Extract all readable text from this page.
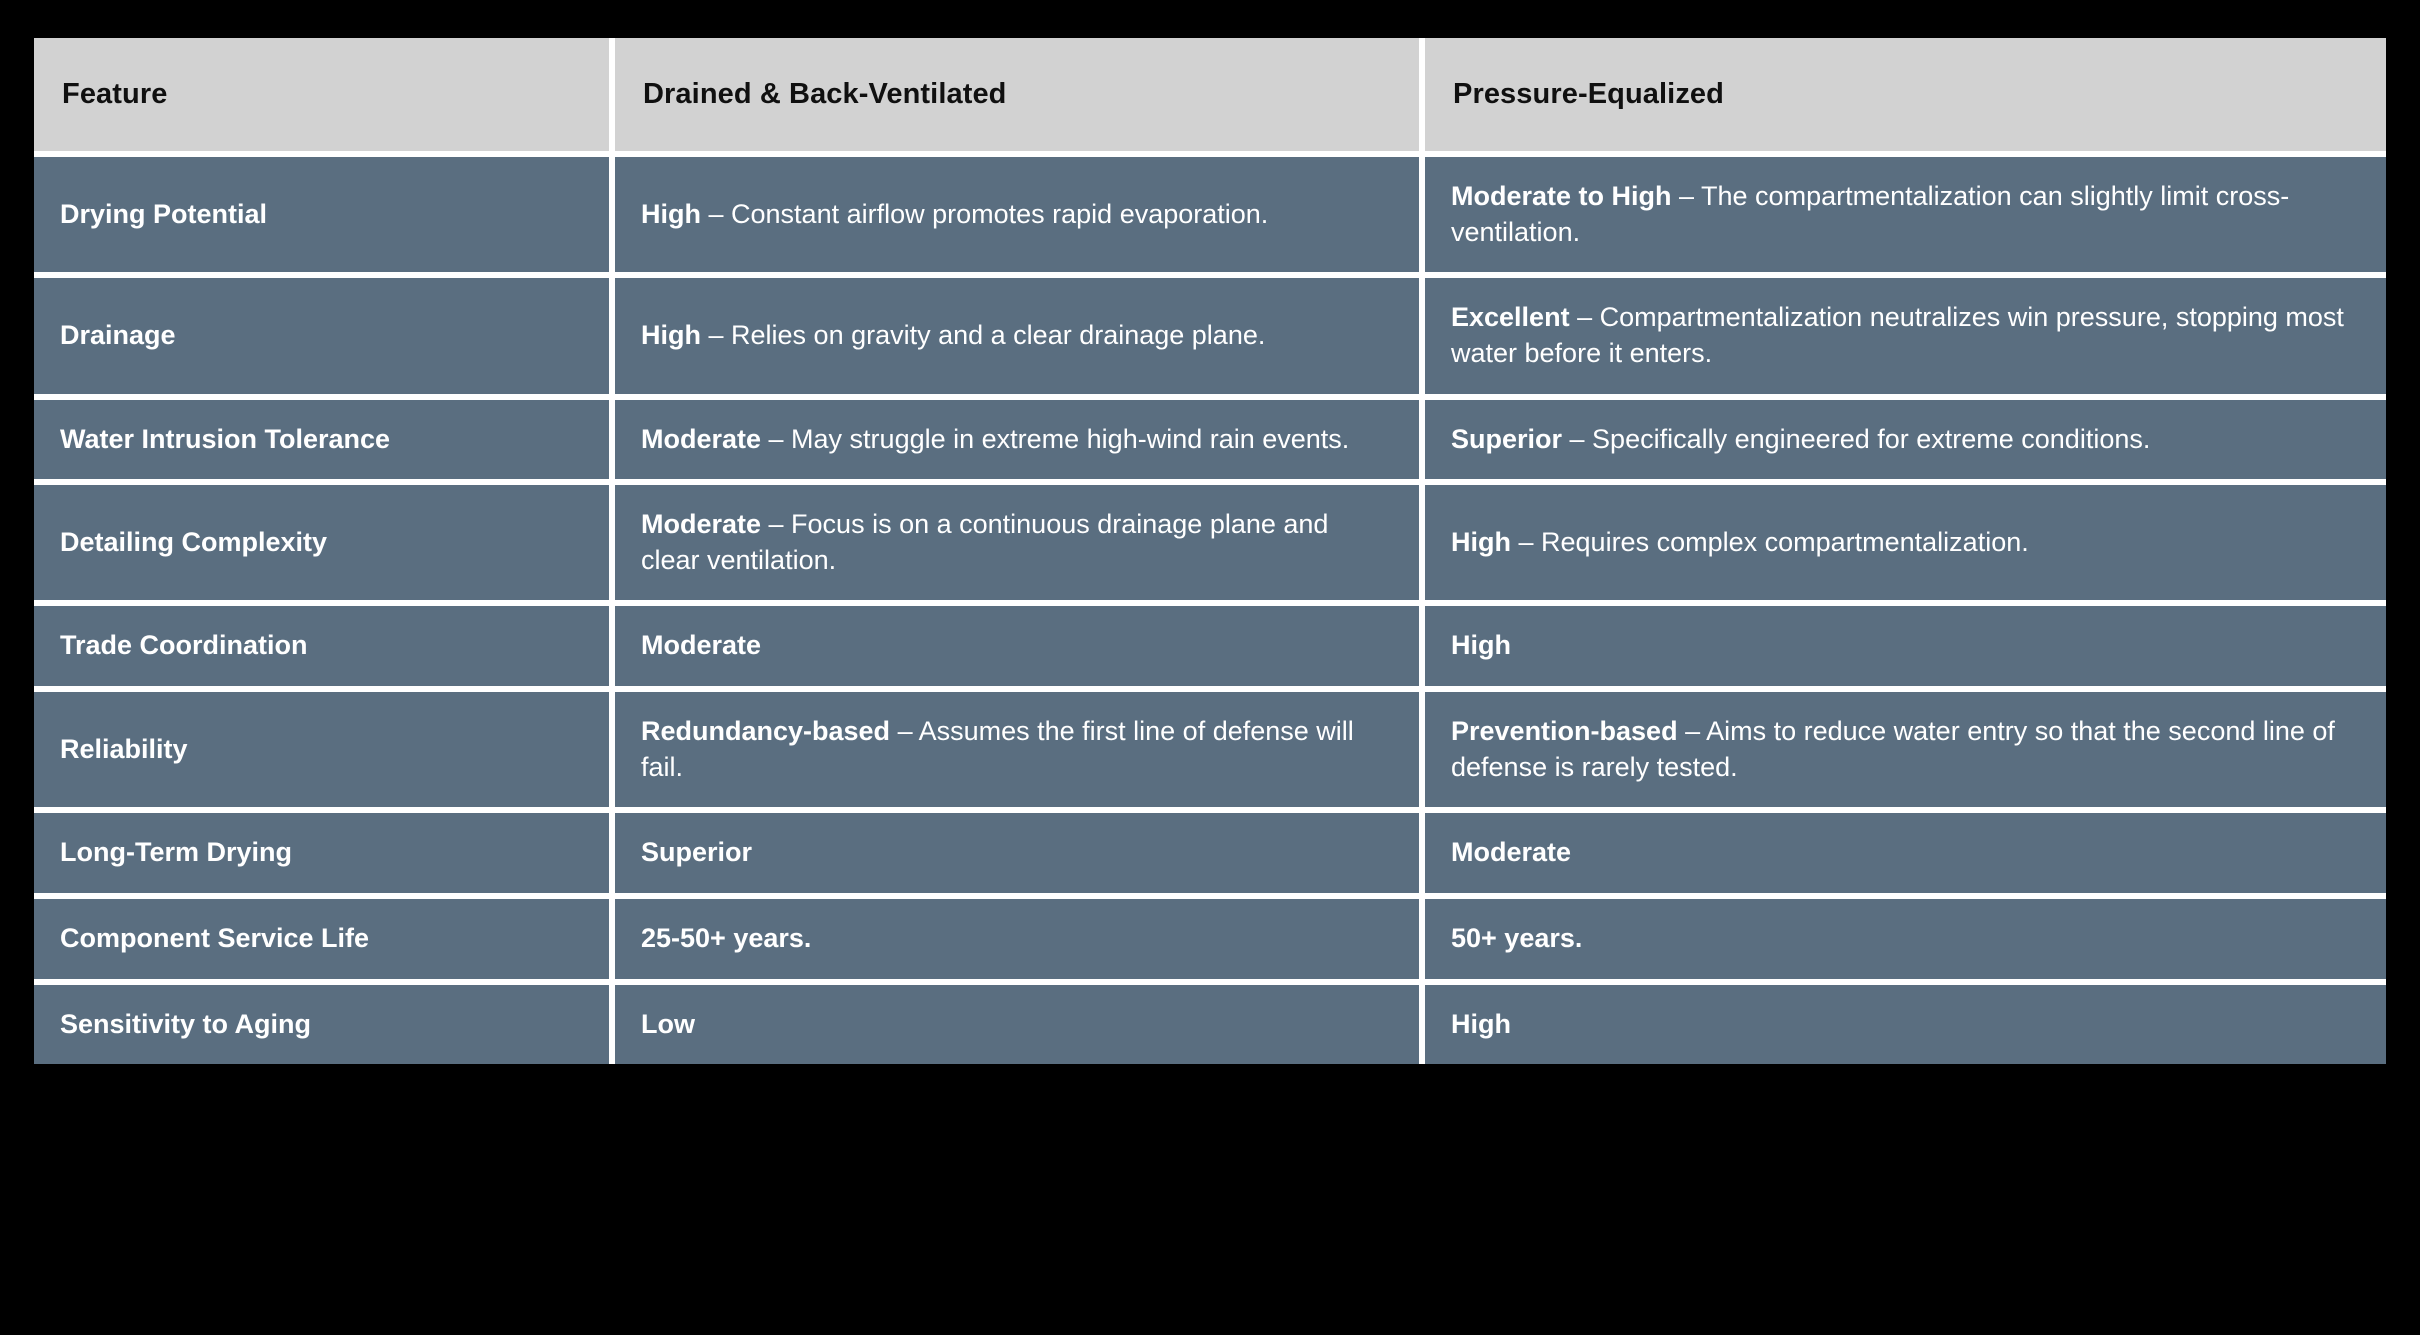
Feature	Drained & Back-Ventilated	Pressure-Equalized
Drying Potential	High – Constant airflow promotes rapid evaporation.	Moderate to High – The compartmentalization can slightly limit cross-ventilation.

Drainage	High – Relies on gravity and a clear drainage plane.	Excellent – Compartmentalization neutralizes win pressure, stopping most water before it enters.

Water Intrusion Tolerance	Moderate – May struggle in extreme high-wind rain events.	Superior – Specifically engineered for extreme conditions.

Detailing Complexity	Moderate – Focus is on a continuous drainage plane and clear ventilation.	High – Requires complex compartmentalization.

Trade Coordination	Moderate	High

Reliability	Redundancy-based – Assumes the first line of defense will fail.	Prevention-based – Aims to reduce water entry so that the second line of defense is rarely tested.

Long-Term Drying	Superior	Moderate

Component Service Life	25-50+ years.	50+ years.

Sensitivity to Aging	Low	High
